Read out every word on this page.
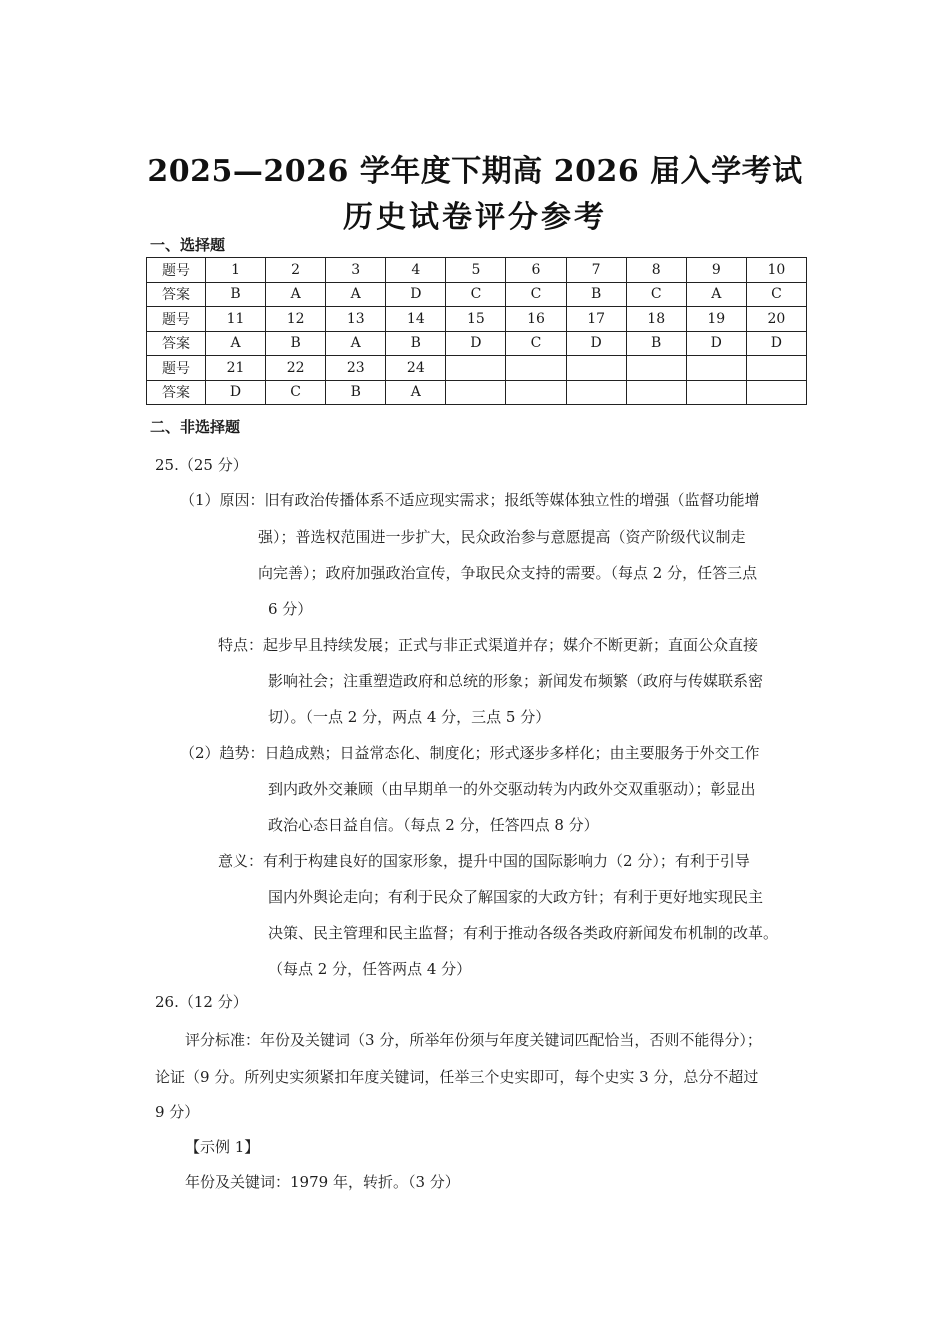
2025—2026 学年度下期高 2026 届入学考试
历史试卷评分参考
一、选择题
题号	1	2	3	4	5	6	7	8	9	10
答案	B	A	A	D	C	C	B	C	A	C
题号	11	12	13	14	15	16	17	18	19	20
答案	A	B	A	B	D	C	D	B	D	D
题号	21	22	23	24						
答案	D	C	B	A						
二、非选择题
25.（25 分）
（1）原因：旧有政治传播体系不适应现实需求；报纸等媒体独立性的增强（监督功能增
强）；普选权范围进一步扩大，民众政治参与意愿提高（资产阶级代议制走
向完善）；政府加强政治宣传，争取民众支持的需要。（每点 2 分，任答三点
6 分）
特点：起步早且持续发展；正式与非正式渠道并存；媒介不断更新；直面公众直接
影响社会；注重塑造政府和总统的形象；新闻发布频繁（政府与传媒联系密
切）。（一点 2 分，两点 4 分，三点 5 分）
（2）趋势：日趋成熟；日益常态化、制度化；形式逐步多样化；由主要服务于外交工作
到内政外交兼顾（由早期单一的外交驱动转为内政外交双重驱动）；彰显出
政治心态日益自信。（每点 2 分，任答四点 8 分）
意义：有利于构建良好的国家形象，提升中国的国际影响力（2 分）；有利于引导
国内外舆论走向；有利于民众了解国家的大政方针；有利于更好地实现民主
决策、民主管理和民主监督；有利于推动各级各类政府新闻发布机制的改革。
（每点 2 分，任答两点 4 分）
26.（12 分）
评分标准：年份及关键词（3 分，所举年份须与年度关键词匹配恰当，否则不能得分）；
论证（9 分。所列史实须紧扣年度关键词，任举三个史实即可，每个史实 3 分，总分不超过
9 分）
【示例 1】
年份及关键词：1979 年，转折。（3 分）
